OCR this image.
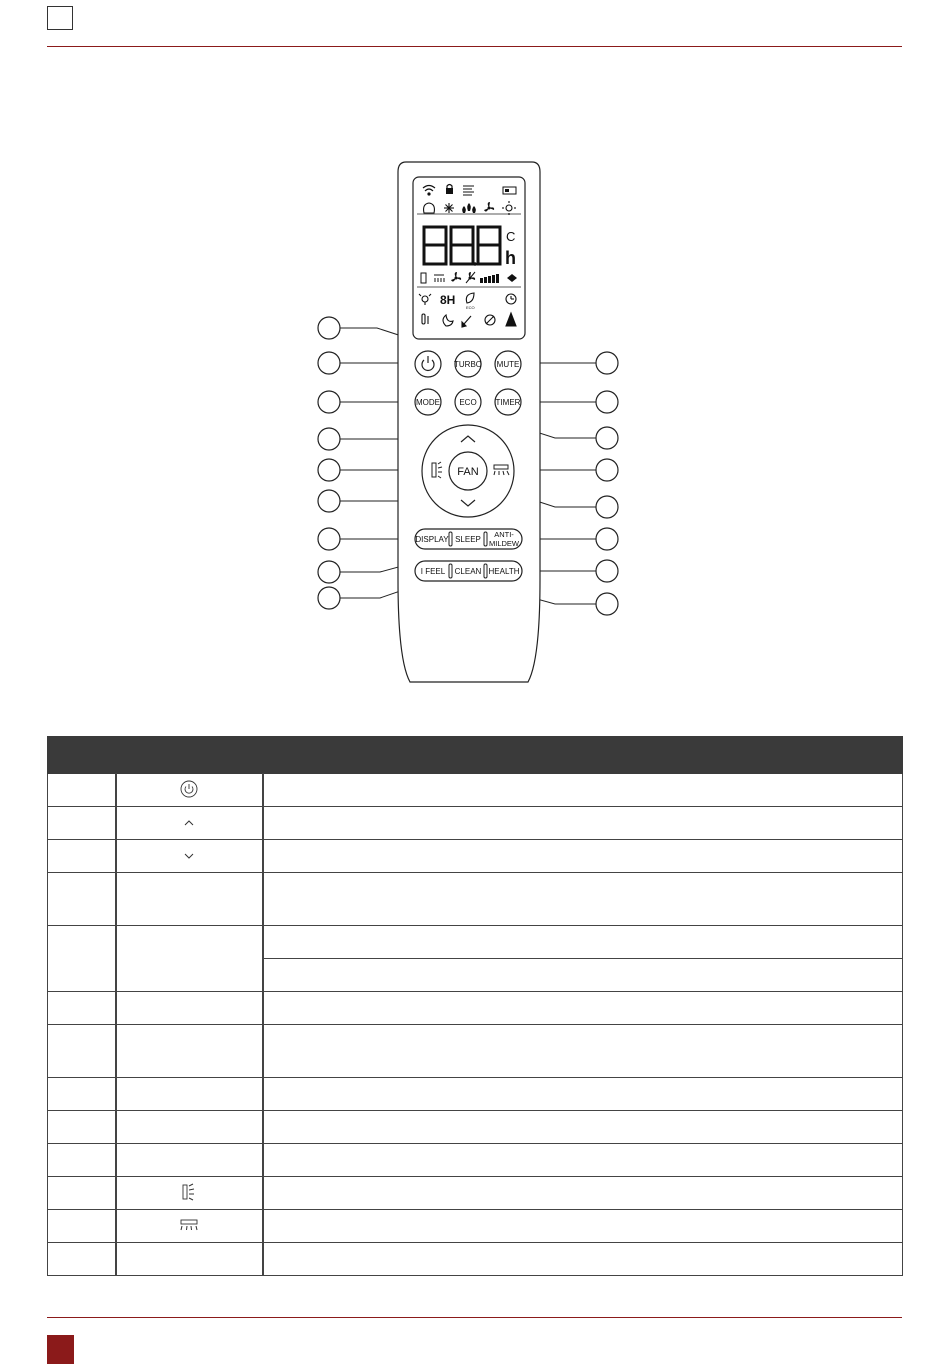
C
h
8H
ECO
TURBO MUTE
MODE ECO TIMER
FAN
DISPLAY SLEEP
ANTI-
MILDEW
I FEEL CLEAN HEALTH
